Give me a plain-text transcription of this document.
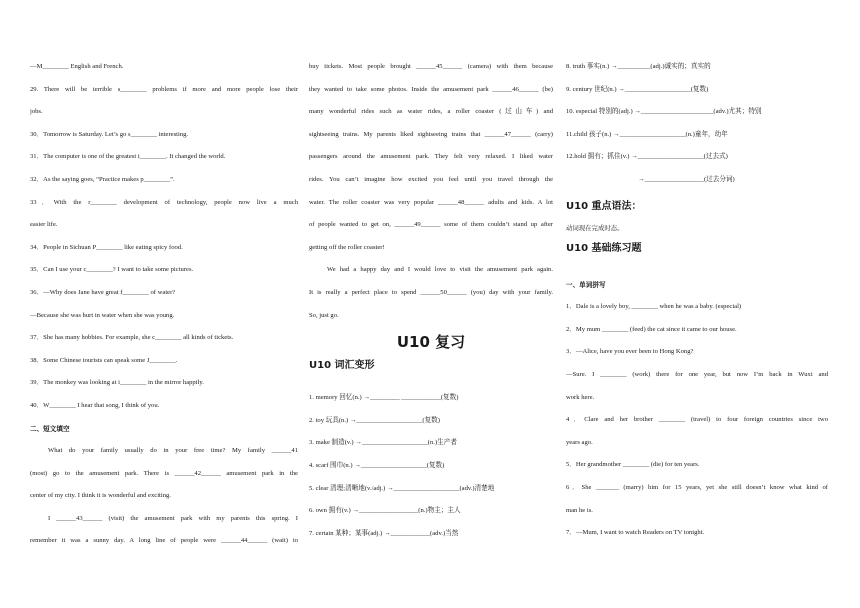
—M________ English and French.
29. There will be terrible s________ problems if more and more people lose their
jobs.
30．Tomorrow is Saturday. Let’s go s________ interesting.
31．The computer is one of the greatest i________. It changed the world.
32．As the saying goes, “Practice makes p________”.
33．With the r________ development of technology, people now live a much
easier life.
34．People in Sichuan P________ like eating spicy food.
35．Can I use your c________? I want to take some pictures.
36．—Why does Jane have great f________ of water?
—Because she was hurt in water when she was young.
37．She has many hobbies. For example, she c________ all kinds of tickets.
38．Some Chinese tourists can speak some J________.
39．The monkey was looking at i________ in the mirror happily.
40．W________ I hear that song, I think of you.
二、短文填空
What do your family usually do in your free time? My family ______41
(most) go to the amusement park. There is ______42______ amusement park in the
center of my city. I think it is wonderful and exciting.
I ______43______ (visit) the amusement park with my parents this spring. I
remember it was a sunny day. A long line of people were ______44______ (wait) to
buy tickets. Most people brought ______45______ (camera) with them because
they wanted to take some photos. Inside the amusement park ______46______ (be)
many wonderful rides such as water rides, a roller coaster (过山车) and
sightseeing trains. My parents liked sightseeing trains that ______47______ (carry)
passengers around the amusement park. They felt very relaxed. I liked water
rides. You can’t imagine how excited you feel until you travel through the
water. The roller coaster was very popular ______48______ adults and kids. A lot
of people wanted to get on, ______49______ some of them couldn’t stand up after
getting off the roller coaster!
We had a happy day and I would love to visit the amusement park again.
It is really a perfect place to spend ______50______ (you) day with your family.
So, just go.
U10 复习
U10 词汇变形
1. memory 回忆(n.) →_________ ____________(复数)
2. toy 玩具(n.) →____________________(复数)
3. make 制造(v.) →____________________(n.)生产者
4. scarf 围巾(n.) →____________________(复数)
5. clear 清理;清晰地(v./adj.) →____________________(adv.)清楚地
6. own 拥有(v.) →__________________(n.)物主；主人
7. certain 某种；某事(adj.) →____________(adv.)当然
8. truth 事实(n.) →__________(adj.)诚实的；真实的
9. century 世纪(n.) →____________________(复数)
10. especial 特别的(adj.) →______________________(adv.)尤其；特别
11.child 孩子(n.) →____________________(n.)童年，幼年
12.hold 拥有；抓住(v.) →____________________(过去式)
→__________________(过去分词)
U10 重点语法：
动词现在完成时态。
U10 基础练习题
一、单词拼写
1．Dale is a lovely boy, ________ when he was a baby. (especial)
2．My mum ________ (feed) the cat since it came to our house.
3．—Alice, have you ever been to Hong Kong?
—Sure. I ________ (work) there for one year, but now I’m back in Wuxi and
work here.
4．Clare and her brother ________ (travel) to four foreign countries since two
years ago.
5．Her grandmother ________ (die) for ten years.
6．She _______ (marry) him for 15 years, yet she still doesn’t know what kind of
man he is.
7．—Mum, I want to watch Readers on TV tonight.
